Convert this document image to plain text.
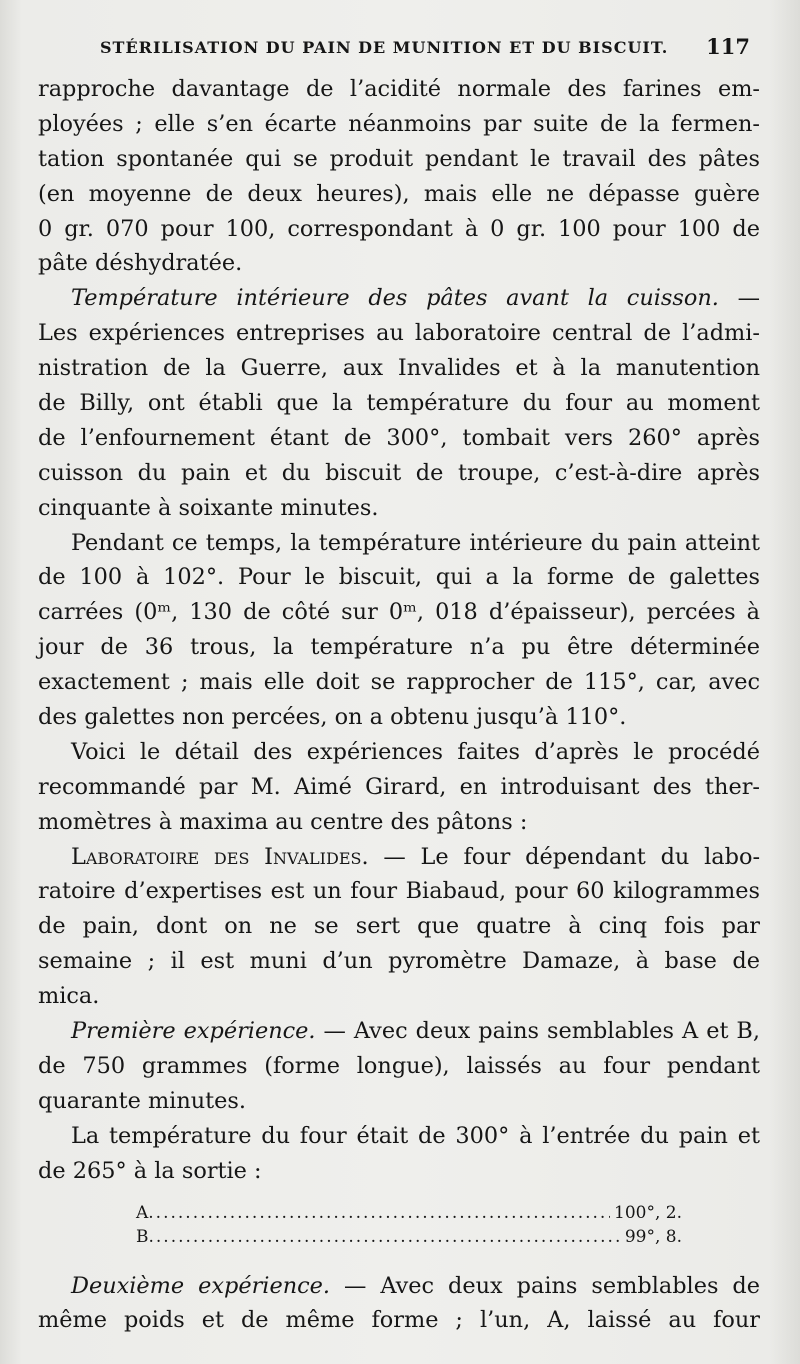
STÉRILISATION DU PAIN DE MUNITION ET DU BISCUIT. 117
rapproche davantage de l’acidité normale des farines em-
ployées ; elle s’en écarte néanmoins par suite de la fermen-
tation spontanée qui se produit pendant le travail des pâtes
(en moyenne de deux heures), mais elle ne dépasse guère
0 gr. 070 pour 100, correspondant à 0 gr. 100 pour 100 de
pâte déshydratée.
Température intérieure des pâtes avant la cuisson. —
Les expériences entreprises au laboratoire central de l’admi-
nistration de la Guerre, aux Invalides et à la manutention
de Billy, ont établi que la température du four au moment
de l’enfournement étant de 300°, tombait vers 260° après
cuisson du pain et du biscuit de troupe, c’est-à-dire après
cinquante à soixante minutes.
Pendant ce temps, la température intérieure du pain atteint
de 100 à 102°. Pour le biscuit, qui a la forme de galettes
carrées (0ᵐ, 130 de côté sur 0ᵐ, 018 d’épaisseur), percées à
jour de 36 trous, la température n’a pu être déterminée
exactement ; mais elle doit se rapprocher de 115°, car, avec
des galettes non percées, on a obtenu jusqu’à 110°.
Voici le détail des expériences faites d’après le procédé
recommandé par M. Aimé Girard, en introduisant des ther-
momètres à maxima au centre des pâtons :
Laboratoire des Invalides. — Le four dépendant du labo-
ratoire d’expertises est un four Biabaud, pour 60 kilogrammes
de pain, dont on ne se sert que quatre à cinq fois par
semaine ; il est muni d’un pyromètre Damaze, à base de
mica.
Première expérience. — Avec deux pains semblables A et B,
de 750 grammes (forme longue), laissés au four pendant
quarante minutes.
La température du four était de 300° à l’entrée du pain et
de 265° à la sortie :
A .....	100°, 2.
B .....	99°, 8.
Deuxième expérience. — Avec deux pains semblables de
même poids et de même forme ; l’un, A, laissé au four
